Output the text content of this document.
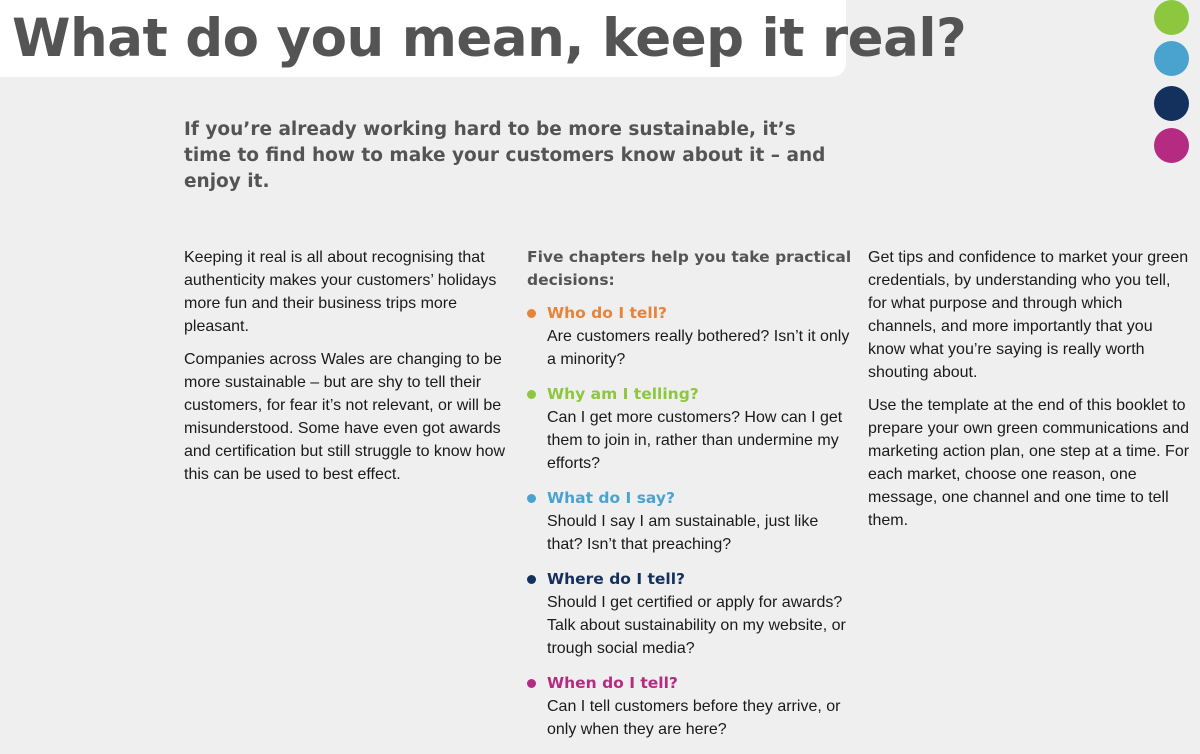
What do you mean, keep it real?

If you’re already working hard to be more sustainable, it’s time to find how to make your customers know about it – and enjoy it.

Keeping it real is all about recognising that authenticity makes your customers’ holidays more fun and their business trips more pleasant.

Companies across Wales are changing to be more sustainable – but are shy to tell their customers, for fear it’s not relevant, or will be misunderstood. Some have even got awards and certification but still struggle to know how this can be used to best effect.

Five chapters help you take practical decisions:
Who do I tell?
Are customers really bothered? Isn’t it only a minority?
Why am I telling?
Can I get more customers? How can I get them to join in, rather than undermine my efforts?
What do I say?
Should I say I am sustainable, just like that? Isn’t that preaching?
Where do I tell?
Should I get certified or apply for awards? Talk about sustainability on my website, or trough social media?
When do I tell?
Can I tell customers before they arrive, or only when they are here?

Get tips and confidence to market your green credentials, by understanding who you tell, for what purpose and through which channels, and more importantly that you know what you’re saying is really worth shouting about.

Use the template at the end of this booklet to prepare your own green communications and marketing action plan, one step at a time. For each market, choose one reason, one message, one channel and one time to tell them.
